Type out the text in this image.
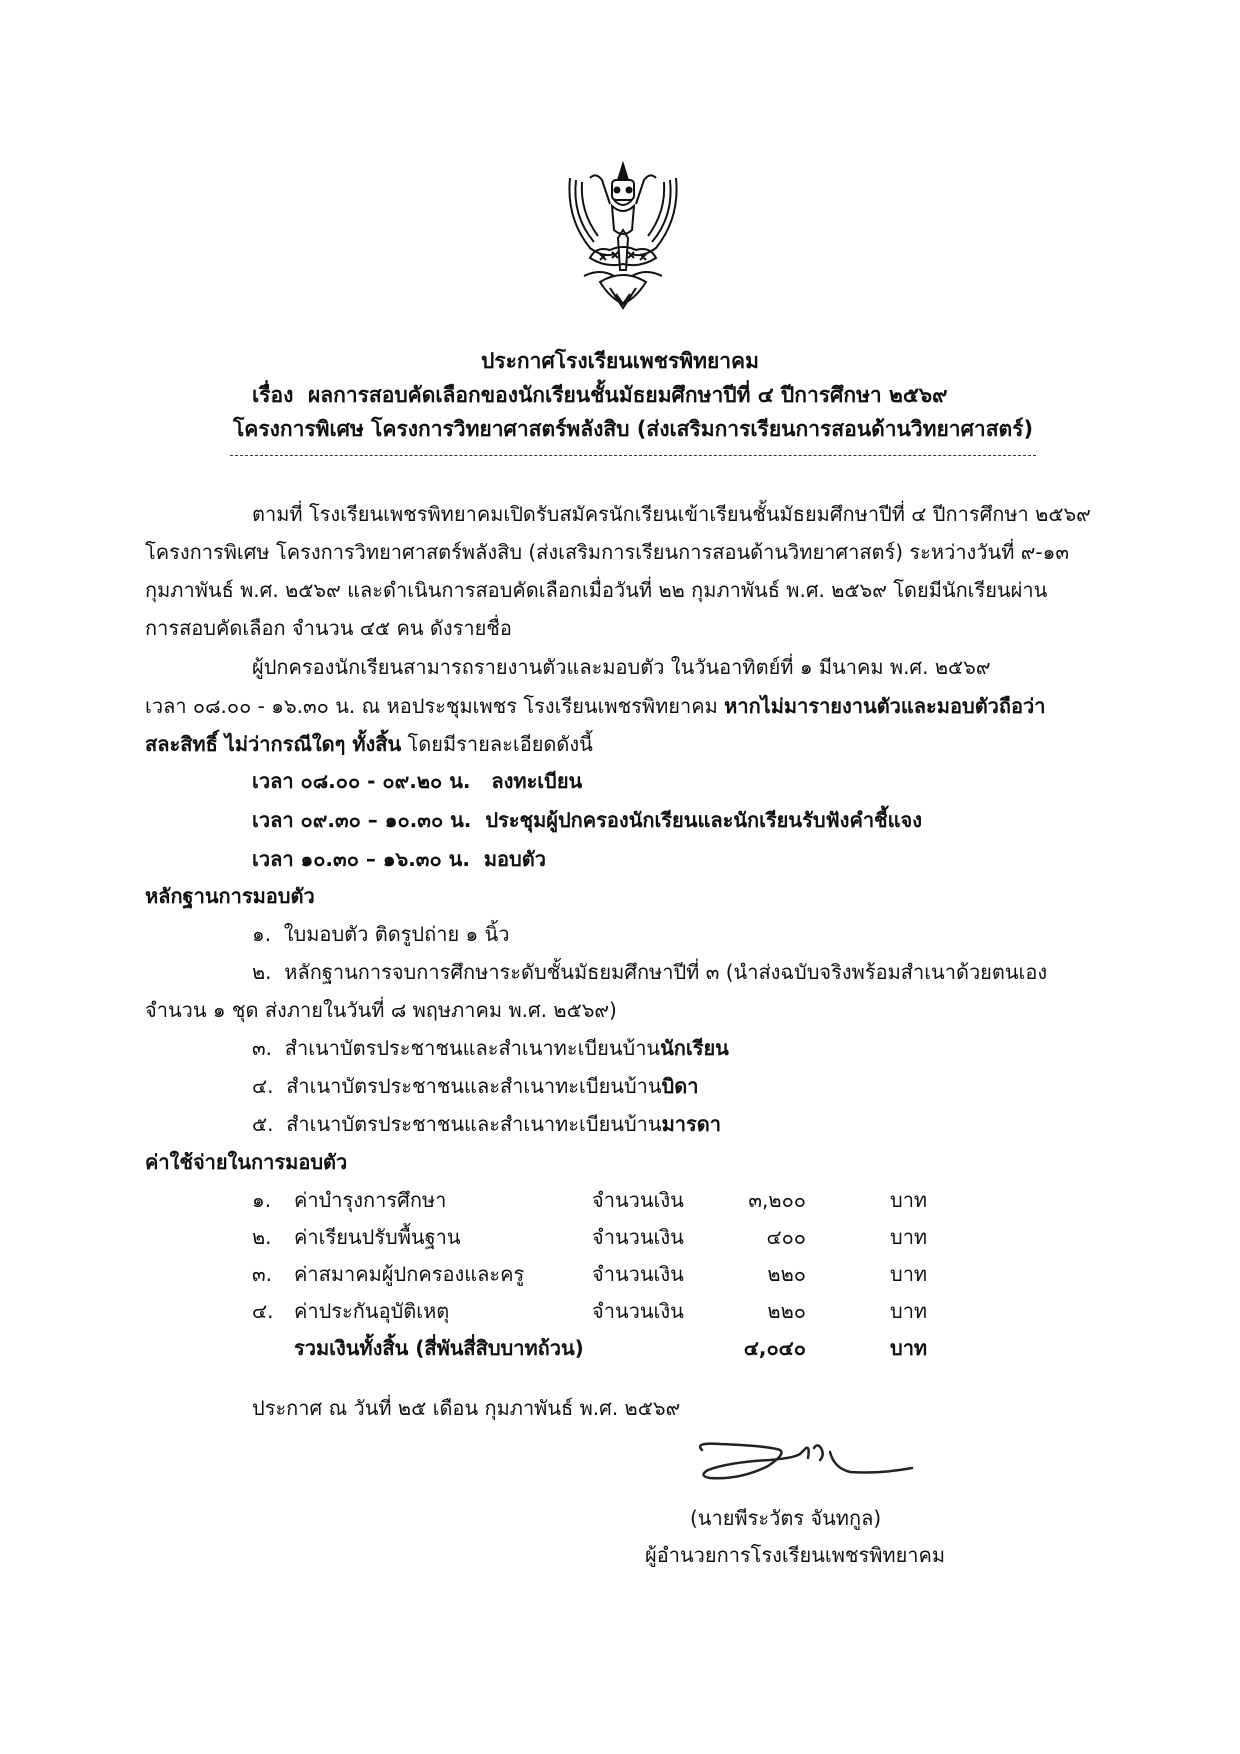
ประกาศโรงเรียนเพชรพิทยาคม
เรื่อง ผลการสอบคัดเลือกของนักเรียนชั้นมัธยมศึกษาปีที่ ๔ ปีการศึกษา ๒๕๖๙
โครงการพิเศษ โครงการวิทยาศาสตร์พลังสิบ (ส่งเสริมการเรียนการสอนด้านวิทยาศาสตร์)
ตามที่ โรงเรียนเพชรพิทยาคมเปิดรับสมัครนักเรียนเข้าเรียนชั้นมัธยมศึกษาปีที่ ๔ ปีการศึกษา ๒๕๖๙
โครงการพิเศษ โครงการวิทยาศาสตร์พลังสิบ (ส่งเสริมการเรียนการสอนด้านวิทยาศาสตร์) ระหว่างวันที่ ๙-๑๓
กุมภาพันธ์ พ.ศ. ๒๕๖๙ และดำเนินการสอบคัดเลือกเมื่อวันที่ ๒๒ กุมภาพันธ์ พ.ศ. ๒๕๖๙ โดยมีนักเรียนผ่าน
การสอบคัดเลือก จำนวน ๔๕ คน ดังรายชื่อ
ผู้ปกครองนักเรียนสามารถรายงานตัวและมอบตัว ในวันอาทิตย์ที่ ๑ มีนาคม พ.ศ. ๒๕๖๙
เวลา ๐๘.๐๐ - ๑๖.๓๐ น. ณ หอประชุมเพชร โรงเรียนเพชรพิทยาคม หากไม่มารายงานตัวและมอบตัวถือว่า
สละสิทธิ์ ไม่ว่ากรณีใดๆ ทั้งสิ้น โดยมีรายละเอียดดังนี้
เวลา ๐๘.๐๐ - ๐๙.๒๐ น. ลงทะเบียน
เวลา ๐๙.๓๐ – ๑๐.๓๐ น. ประชุมผู้ปกครองนักเรียนและนักเรียนรับฟังคำชี้แจง
เวลา ๑๐.๓๐ – ๑๖.๓๐ น. มอบตัว
หลักฐานการมอบตัว
๑. ใบมอบตัว ติดรูปถ่าย ๑ นิ้ว
๒. หลักฐานการจบการศึกษาระดับชั้นมัธยมศึกษาปีที่ ๓ (นำส่งฉบับจริงพร้อมสำเนาด้วยตนเอง
จำนวน ๑ ชุด ส่งภายในวันที่ ๘ พฤษภาคม พ.ศ. ๒๕๖๙)
๓. สำเนาบัตรประชาชนและสำเนาทะเบียนบ้านนักเรียน
๔. สำเนาบัตรประชาชนและสำเนาทะเบียนบ้านบิดา
๕. สำเนาบัตรประชาชนและสำเนาทะเบียนบ้านมารดา
ค่าใช้จ่ายในการมอบตัว
๑. ค่าบำรุงการศึกษา	จำนวนเงิน	๓,๒๐๐	บาท
๒. ค่าเรียนปรับพื้นฐาน	จำนวนเงิน	๔๐๐	บาท
๓. ค่าสมาคมผู้ปกครองและครู	จำนวนเงิน	๒๒๐	บาท
๔. ค่าประกันอุบัติเหตุ	จำนวนเงิน	๒๒๐	บาท
รวมเงินทั้งสิ้น (สี่พันสี่สิบบาทถ้วน)	๔,๐๔๐	บาท
ประกาศ ณ วันที่ ๒๕ เดือน กุมภาพันธ์ พ.ศ. ๒๕๖๙
(นายพีระวัตร จันทกูล)
ผู้อำนวยการโรงเรียนเพชรพิทยาคม
